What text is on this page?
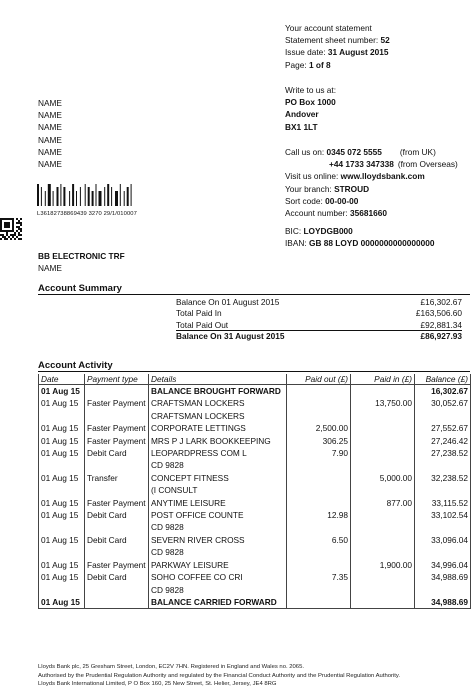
Your account statement
Statement sheet number: 52
Issue date: 31 August 2015
Page: 1 of 8
Write to us at:
PO Box 1000
Andover
BX1 1LT
NAME
NAME
NAME
NAME
NAME
NAME
Call us on: 0345 072 5555 (from UK)
+44 1733 347338 (from Overseas)
Visit us online: www.lloydsbank.com
Your branch: STROUD
Sort code: 00-00-00
Account number: 35681660
BIC: LOYDGB000
IBAN: GB 88 LOYD 0000000000000000
L36182738869439 3270 29/1/010007
BB ELECTRONIC TRF
NAME
Account Summary
Balance On 01 August 2015	£16,302.67
Total Paid In	£163,506.60
Total Paid Out	£92,881.34
Balance On 31 August 2015	£86,927.93
Account Activity
Date	Payment type	Details	Paid out (£)	Paid in (£)	Balance (£)
01 Aug 15		BALANCE BROUGHT FORWARD			16,302.67
01 Aug 15	Faster Payment	CRAFTSMAN LOCKERS		13,750.00	30,052.67
		CRAFTSMAN LOCKERS			
01 Aug 15	Faster Payment	CORPORATE LETTINGS	2,500.00		27,552.67
01 Aug 15	Faster Payment	MRS P J LARK BOOKKEEPING	306.25		27,246.42
01 Aug 15	Debit Card	LEOPARDPRESS COM L	7.90		27,238.52
		CD 9828			
01 Aug 15	Transfer	CONCEPT FITNESS		5,000.00	32,238.52
		(I CONSULT			
01 Aug 15	Faster Payment	ANYTIME LEISURE		877.00	33,115.52
01 Aug 15	Debit Card	POST OFFICE COUNTE	12.98		33,102.54
		CD 9828			
01 Aug 15	Debit Card	SEVERN RIVER CROSS	6.50		33,096.04
		CD 9828			
01 Aug 15	Faster Payment	PARKWAY LEISURE		1,900.00	34,996.04
01 Aug 15	Debit Card	SOHO COFFEE CO CRI	7.35		34,988.69
		CD 9828			
01 Aug 15		BALANCE CARRIED FORWARD			34,988.69
Lloyds Bank plc, 25 Gresham Street, London, EC2V 7HN. Registered in England and Wales no. 2065.
Authorised by the Prudential Regulation Authority and regulated by the Financial Conduct Authority and the Prudential Regulation Authority.
Lloyds Bank International Limited, P O Box 160, 25 New Street, St. Helier, Jersey, JE4 8RG
